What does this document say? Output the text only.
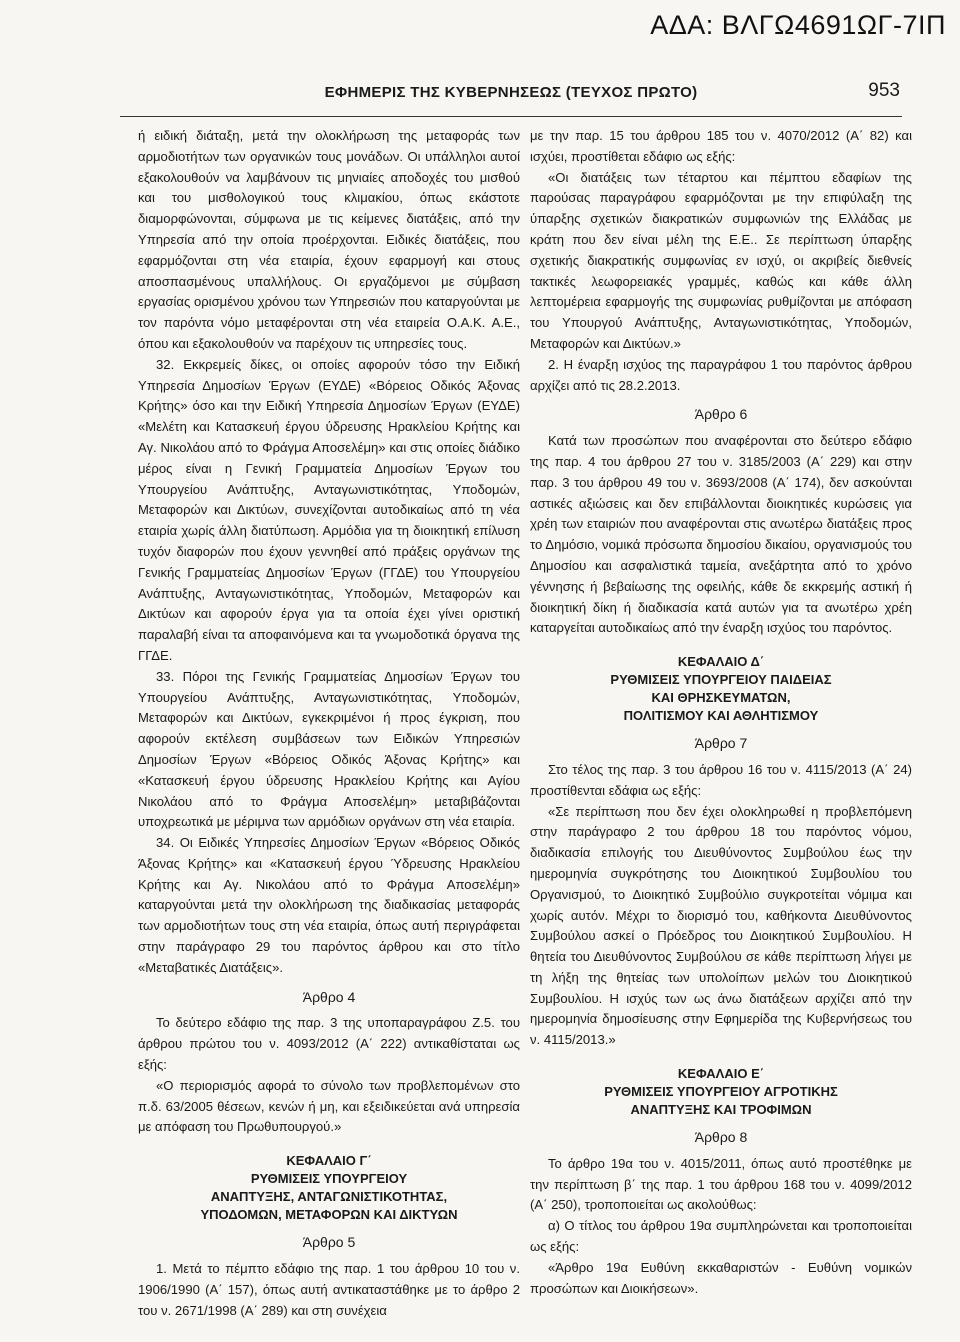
ΑΔΑ: ΒΛΓΩ4691ΩΓ-7ΙΠ
ΕΦΗΜΕΡΙΣ ΤΗΣ ΚΥΒΕΡΝΗΣΕΩΣ (ΤΕΥΧΟΣ ΠΡΩΤΟ)	953

ή ειδική διάταξη, μετά την ολοκλήρωση της μεταφοράς των αρμοδιοτήτων των οργανικών τους μονάδων. Οι υπάλληλοι αυτοί εξακολουθούν να λαμβάνουν τις μηνιαίες αποδοχές του μισθού και του μισθολογικού τους κλιμακίου, όπως εκάστοτε διαμορφώνονται, σύμφωνα με τις κείμενες διατάξεις, από την Υπηρεσία από την οποία προέρχονται. Ειδικές διατάξεις, που εφαρμόζονται στη νέα εταιρία, έχουν εφαρμογή και στους αποσπασμένους υπαλλήλους. Οι εργαζόμενοι με σύμβαση εργασίας ορισμένου χρόνου των Υπηρεσιών που καταργούνται με τον παρόντα νόμο μεταφέρονται στη νέα εταιρεία Ο.Α.Κ. Α.Ε., όπου και εξακολουθούν να παρέχουν τις υπηρεσίες τους.

32. Εκκρεμείς δίκες, οι οποίες αφορούν τόσο την Ειδική Υπηρεσία Δημοσίων Έργων (ΕΥΔΕ) «Βόρειος Οδικός Άξονας Κρήτης» όσο και την Ειδική Υπηρεσία Δημοσίων Έργων (ΕΥΔΕ) «Μελέτη και Κατασκευή έργου ύδρευσης Ηρακλείου Κρήτης και Αγ. Νικολάου από το Φράγμα Αποσελέμη» και στις οποίες διάδικο μέρος είναι η Γενική Γραμματεία Δημοσίων Έργων του Υπουργείου Ανάπτυξης, Ανταγωνιστικότητας, Υποδομών, Μεταφορών και Δικτύων, συνεχίζονται αυτοδικαίως από τη νέα εταιρία χωρίς άλλη διατύπωση. Αρμόδια για τη διοικητική επίλυση τυχόν διαφορών που έχουν γεννηθεί από πράξεις οργάνων της Γενικής Γραμματείας Δημοσίων Έργων (ΓΓΔΕ) του Υπουργείου Ανάπτυξης, Ανταγωνιστικότητας, Υποδομών, Μεταφορών και Δικτύων και αφορούν έργα για τα οποία έχει γίνει οριστική παραλαβή είναι τα αποφαινόμενα και τα γνωμοδοτικά όργανα της ΓΓΔΕ.

33. Πόροι της Γενικής Γραμματείας Δημοσίων Έργων του Υπουργείου Ανάπτυξης, Ανταγωνιστικότητας, Υποδομών, Μεταφορών και Δικτύων, εγκεκριμένοι ή προς έγκριση, που αφορούν εκτέλεση συμβάσεων των Ειδικών Υπηρεσιών Δημοσίων Έργων «Βόρειος Οδικός Άξονας Κρήτης» και «Κατασκευή έργου ύδρευσης Ηρακλείου Κρήτης και Αγίου Νικολάου από το Φράγμα Αποσελέμη» μεταβιβάζονται υποχρεωτικά με μέριμνα των αρμόδιων οργάνων στη νέα εταιρία.

34. Οι Ειδικές Υπηρεσίες Δημοσίων Έργων «Βόρειος Οδικός Άξονας Κρήτης» και «Κατασκευή έργου Ύδρευσης Ηρακλείου Κρήτης και Αγ. Νικολάου από το Φράγμα Αποσελέμη» καταργούνται μετά την ολοκλήρωση της διαδικασίας μεταφοράς των αρμοδιοτήτων τους στη νέα εταιρία, όπως αυτή περιγράφεται στην παράγραφο 29 του παρόντος άρθρου και στο τίτλο «Μεταβατικές Διατάξεις».

Άρθρο 4

Το δεύτερο εδάφιο της παρ. 3 της υποπαραγράφου Ζ.5. του άρθρου πρώτου του ν. 4093/2012 (Α΄ 222) αντικαθίσταται ως εξής:

«Ο περιορισμός αφορά το σύνολο των προβλεπομένων στο π.δ. 63/2005 θέσεων, κενών ή μη, και εξειδικεύεται ανά υπηρεσία με απόφαση του Πρωθυπουργού.»

ΚΕΦΑΛΑΙΟ Γ΄
ΡΥΘΜΙΣΕΙΣ ΥΠΟΥΡΓΕΙΟΥ
ΑΝΑΠΤΥΞΗΣ, ΑΝΤΑΓΩΝΙΣΤΙΚΟΤΗΤΑΣ,
ΥΠΟΔΟΜΩΝ, ΜΕΤΑΦΟΡΩΝ ΚΑΙ ΔΙΚΤΥΩΝ
Άρθρο 5

1. Μετά το πέμπτο εδάφιο της παρ. 1 του άρθρου 10 του ν. 1906/1990 (Α΄ 157), όπως αυτή αντικαταστάθηκε με το άρθρο 2 του ν. 2671/1998 (Α΄ 289) και στη συνέχεια

με την παρ. 15 του άρθρου 185 του ν. 4070/2012 (Α΄ 82) και ισχύει, προστίθεται εδάφιο ως εξής:

«Οι διατάξεις των τέταρτου και πέμπτου εδαφίων της παρούσας παραγράφου εφαρμόζονται με την επιφύλαξη της ύπαρξης σχετικών διακρατικών συμφωνιών της Ελλάδας με κράτη που δεν είναι μέλη της Ε.Ε.. Σε περίπτωση ύπαρξης σχετικής διακρατικής συμφωνίας εν ισχύ, οι ακριβείς διεθνείς τακτικές λεωφορειακές γραμμές, καθώς και κάθε άλλη λεπτομέρεια εφαρμογής της συμφωνίας ρυθμίζονται με απόφαση του Υπουργού Ανάπτυξης, Ανταγωνιστικότητας, Υποδομών, Μεταφορών και Δικτύων.»

2. Η έναρξη ισχύος της παραγράφου 1 του παρόντος άρθρου αρχίζει από τις 28.2.2013.

Άρθρο 6

Κατά των προσώπων που αναφέρονται στο δεύτερο εδάφιο της παρ. 4 του άρθρου 27 του ν. 3185/2003 (Α΄ 229) και στην παρ. 3 του άρθρου 49 του ν. 3693/2008 (Α΄ 174), δεν ασκούνται αστικές αξιώσεις και δεν επιβάλλονται διοικητικές κυρώσεις για χρέη των εταιριών που αναφέρονται στις ανωτέρω διατάξεις προς το Δημόσιο, νομικά πρόσωπα δημοσίου δικαίου, οργανισμούς του Δημοσίου και ασφαλιστικά ταμεία, ανεξάρτητα από το χρόνο γέννησης ή βεβαίωσης της οφειλής, κάθε δε εκκρεμής αστική ή διοικητική δίκη ή διαδικασία κατά αυτών για τα ανωτέρω χρέη καταργείται αυτοδικαίως από την έναρξη ισχύος του παρόντος.

ΚΕΦΑΛΑΙΟ Δ΄
ΡΥΘΜΙΣΕΙΣ ΥΠΟΥΡΓΕΙΟΥ ΠΑΙΔΕΙΑΣ
ΚΑΙ ΘΡΗΣΚΕΥΜΑΤΩΝ,
ΠΟΛΙΤΙΣΜΟΥ ΚΑΙ ΑΘΛΗΤΙΣΜΟΥ
Άρθρο 7

Στο τέλος της παρ. 3 του άρθρου 16 του ν. 4115/2013 (Α΄ 24) προστίθενται εδάφια ως εξής:

«Σε περίπτωση που δεν έχει ολοκληρωθεί η προβλεπόμενη στην παράγραφο 2 του άρθρου 18 του παρόντος νόμου, διαδικασία επιλογής του Διευθύνοντος Συμβούλου έως την ημερομηνία συγκρότησης του Διοικητικού Συμβουλίου του Οργανισμού, το Διοικητικό Συμβούλιο συγκροτείται νόμιμα και χωρίς αυτόν. Μέχρι το διορισμό του, καθήκοντα Διευθύνοντος Συμβούλου ασκεί ο Πρόεδρος του Διοικητικού Συμβουλίου. Η θητεία του Διευθύνοντος Συμβούλου σε κάθε περίπτωση λήγει με τη λήξη της θητείας των υπολοίπων μελών του Διοικητικού Συμβουλίου. Η ισχύς των ως άνω διατάξεων αρχίζει από την ημερομηνία δημοσίευσης στην Εφημερίδα της Κυβερνήσεως του ν. 4115/2013.»

ΚΕΦΑΛΑΙΟ Ε΄
ΡΥΘΜΙΣΕΙΣ ΥΠΟΥΡΓΕΙΟΥ ΑΓΡΟΤΙΚΗΣ
ΑΝΑΠΤΥΞΗΣ ΚΑΙ ΤΡΟΦΙΜΩΝ
Άρθρο 8

Το άρθρο 19α του ν. 4015/2011, όπως αυτό προστέθηκε με την περίπτωση β΄ της παρ. 1 του άρθρου 168 του ν. 4099/2012 (Α΄ 250), τροποποιείται ως ακολούθως:

α) Ο τίτλος του άρθρου 19α συμπληρώνεται και τροποποιείται ως εξής:

«Άρθρο 19α Ευθύνη εκκαθαριστών - Ευθύνη νομικών προσώπων και Διοικήσεων».
